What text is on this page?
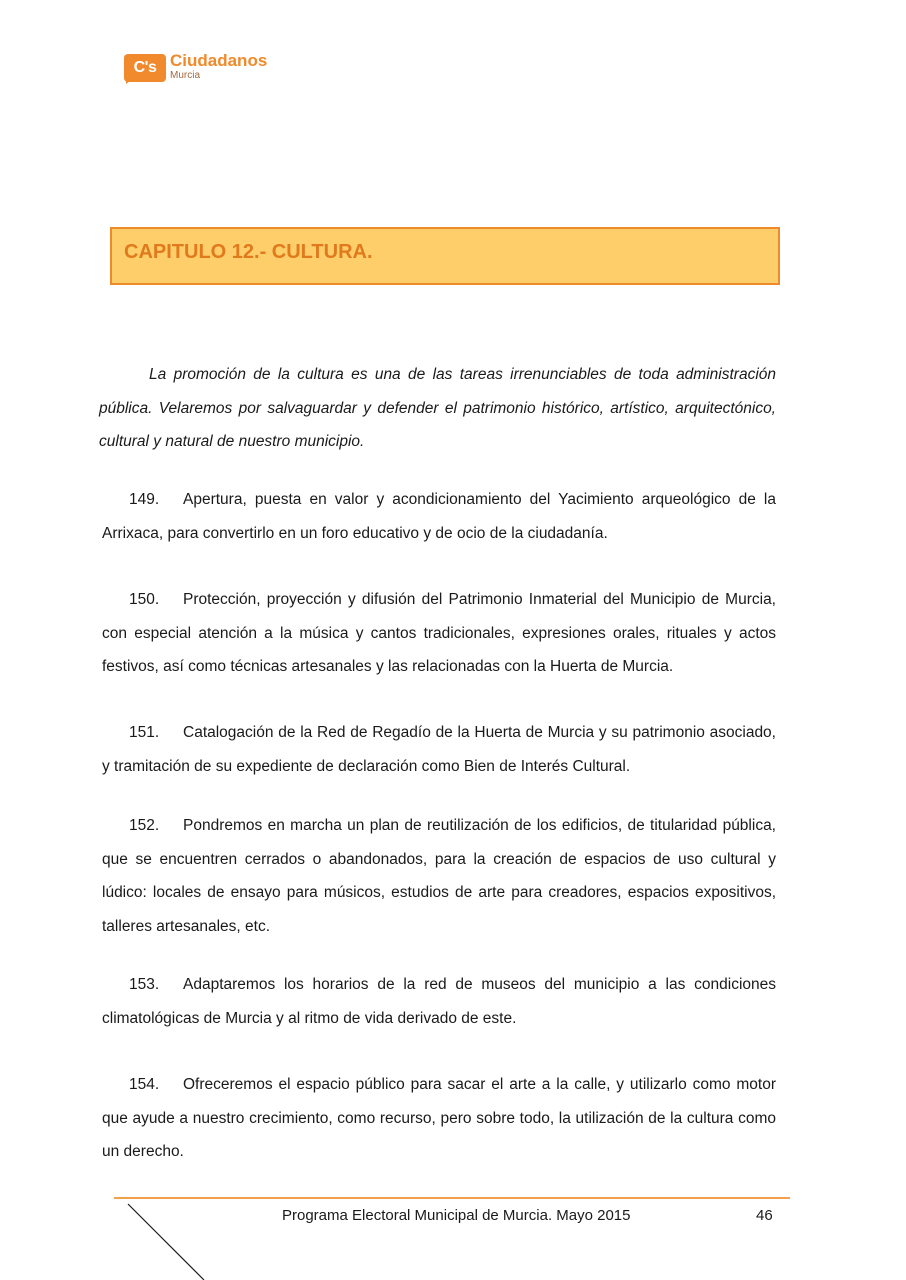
C's Ciudadanos
Murcia
CAPITULO 12.- CULTURA.

La promoción de la cultura es una de las tareas irrenunciables de toda administración pública. Velaremos por salvaguardar y defender el patrimonio histórico, artístico, arquitectónico, cultural y natural de nuestro municipio.

149. Apertura, puesta en valor y acondicionamiento del Yacimiento arqueológico de la Arrixaca, para convertirlo en un foro educativo y de ocio de la ciudadanía.

150. Protección, proyección y difusión del Patrimonio Inmaterial del Municipio de Murcia, con especial atención a la música y cantos tradicionales, expresiones orales, rituales y actos festivos, así como técnicas artesanales y las relacionadas con la Huerta de Murcia.

151. Catalogación de la Red de Regadío de la Huerta de Murcia y su patrimonio asociado, y tramitación de su expediente de declaración como Bien de Interés Cultural.

152. Pondremos en marcha un plan de reutilización de los edificios, de titularidad pública, que se encuentren cerrados o abandonados, para la creación de espacios de uso cultural y lúdico: locales de ensayo para músicos, estudios de arte para creadores, espacios expositivos, talleres artesanales, etc.

153. Adaptaremos los horarios de la red de museos del municipio a las condiciones climatológicas de Murcia y al ritmo de vida derivado de este.

154. Ofreceremos el espacio público para sacar el arte a la calle, y utilizarlo como motor que ayude a nuestro crecimiento, como recurso, pero sobre todo, la utilización de la cultura como un derecho.

Programa Electoral Municipal de Murcia. Mayo 2015	46
